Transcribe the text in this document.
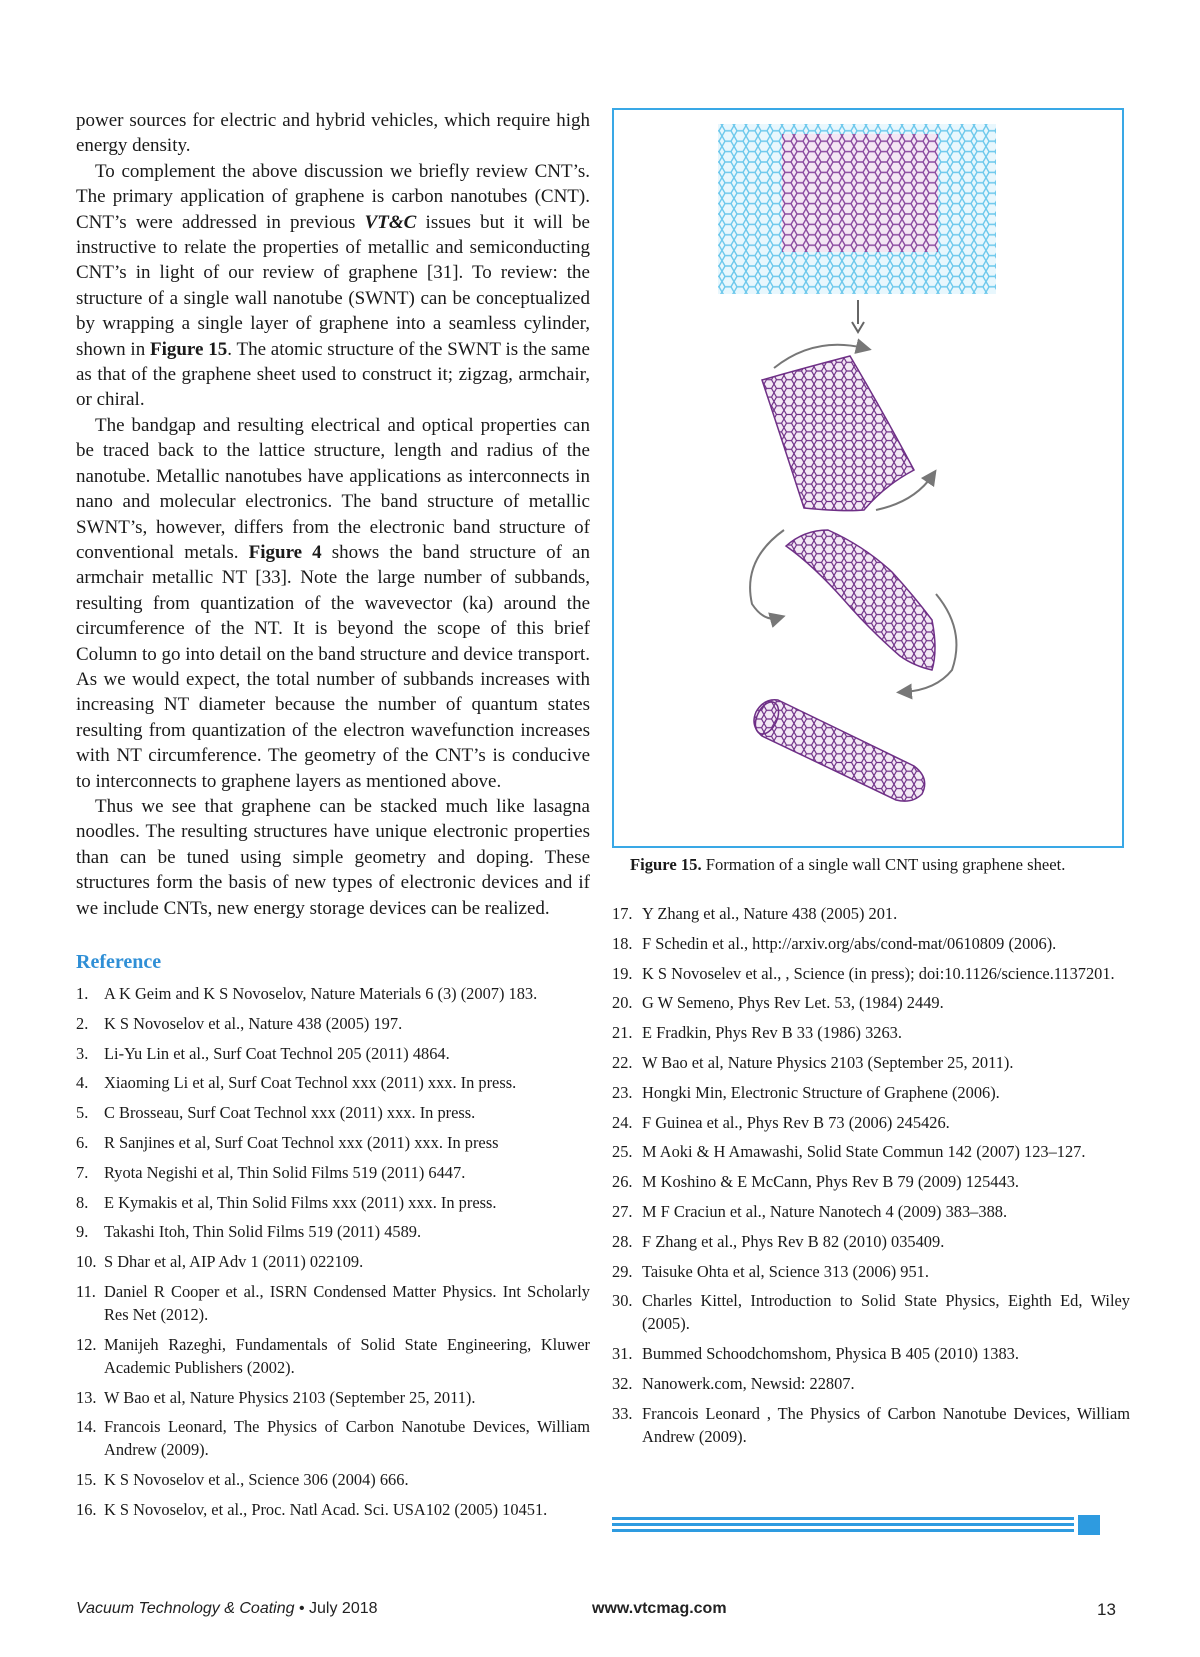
power sources for electric and hybrid vehicles, which require high energy density.

To complement the above discussion we briefly review CNT’s. The primary application of graphene is carbon nanotubes (CNT). CNT’s were addressed in previous VT&C issues but it will be instructive to relate the properties of metallic and semiconducting CNT’s in light of our review of graphene [31]. To review: the structure of a single wall nanotube (SWNT) can be conceptualized by wrapping a single layer of graphene into a seamless cylinder, shown in Figure 15. The atomic structure of the SWNT is the same as that of the graphene sheet used to construct it; zigzag, armchair, or chiral.

The bandgap and resulting electrical and optical properties can be traced back to the lattice structure, length and radius of the nanotube. Metallic nanotubes have applications as interconnects in nano and molecular electronics. The band structure of metallic SWNT’s, however, differs from the electronic band structure of conventional metals. Figure 4 shows the band structure of an armchair metallic NT [33]. Note the large number of subbands, resulting from quantization of the wavevector (ka) around the circumference of the NT. It is beyond the scope of this brief Column to go into detail on the band structure and device transport. As we would expect, the total number of subbands increases with increasing NT diameter because the number of quantum states resulting from quantization of the electron wavefunction increases with NT circumference. The geometry of the CNT’s is conducive to interconnects to graphene layers as mentioned above.

Thus we see that graphene can be stacked much like lasagna noodles. The resulting structures have unique electronic properties than can be tuned using simple geometry and doping. These structures form the basis of new types of electronic devices and if we include CNTs, new energy storage devices can be realized.

Reference
1. A K Geim and K S Novoselov, Nature Materials 6 (3) (2007) 183.
2. K S Novoselov et al., Nature 438 (2005) 197.
3. Li-Yu Lin et al., Surf Coat Technol 205 (2011) 4864.
4. Xiaoming Li et al, Surf Coat Technol xxx (2011) xxx. In press.
5. C Brosseau, Surf Coat Technol xxx (2011) xxx. In press.
6. R Sanjines et al, Surf Coat Technol xxx (2011) xxx. In press
7. Ryota Negishi et al, Thin Solid Films 519 (2011) 6447.
8. E Kymakis et al, Thin Solid Films xxx (2011) xxx. In press.
9. Takashi Itoh, Thin Solid Films 519 (2011) 4589.
10. S Dhar et al, AIP Adv 1 (2011) 022109.
11. Daniel R Cooper et al., ISRN Condensed Matter Physics. Int Scholarly Res Net (2012).
12. Manijeh Razeghi, Fundamentals of Solid State Engineering, Kluwer Academic Publishers (2002).
13. W Bao et al, Nature Physics 2103 (September 25, 2011).
14. Francois Leonard, The Physics of Carbon Nanotube Devices, William Andrew (2009).
15. K S Novoselov et al., Science 306 (2004) 666.
16. K S Novoselov, et al., Proc. Natl Acad. Sci. USA102 (2005) 10451.
Figure 15. Formation of a single wall CNT using graphene sheet.
17. Y Zhang et al., Nature 438 (2005) 201.
18. F Schedin et al., http://arxiv.org/abs/cond-mat/0610809 (2006).
19. K S Novoselev et al., , Science (in press); doi:10.1126/science.1137201.
20. G W Semeno, Phys Rev Let. 53, (1984) 2449.
21. E Fradkin, Phys Rev B 33 (1986) 3263.
22. W Bao et al, Nature Physics 2103 (September 25, 2011).
23. Hongki Min, Electronic Structure of Graphene (2006).
24. F Guinea et al., Phys Rev B 73 (2006) 245426.
25. M Aoki & H Amawashi, Solid State Commun 142 (2007) 123–127.
26. M Koshino & E McCann, Phys Rev B 79 (2009) 125443.
27. M F Craciun et al., Nature Nanotech 4 (2009) 383–388.
28. F Zhang et al., Phys Rev B 82 (2010) 035409.
29. Taisuke Ohta et al, Science 313 (2006) 951.
30. Charles Kittel, Introduction to Solid State Physics, Eighth Ed, Wiley (2005).
31. Bummed Schoodchomshom, Physica B 405 (2010) 1383.
32. Nanowerk.com, Newsid: 22807.
33. Francois Leonard , The Physics of Carbon Nanotube Devices, William Andrew (2009).
Vacuum Technology & Coating • July 2018	www.vtcmag.com	13
